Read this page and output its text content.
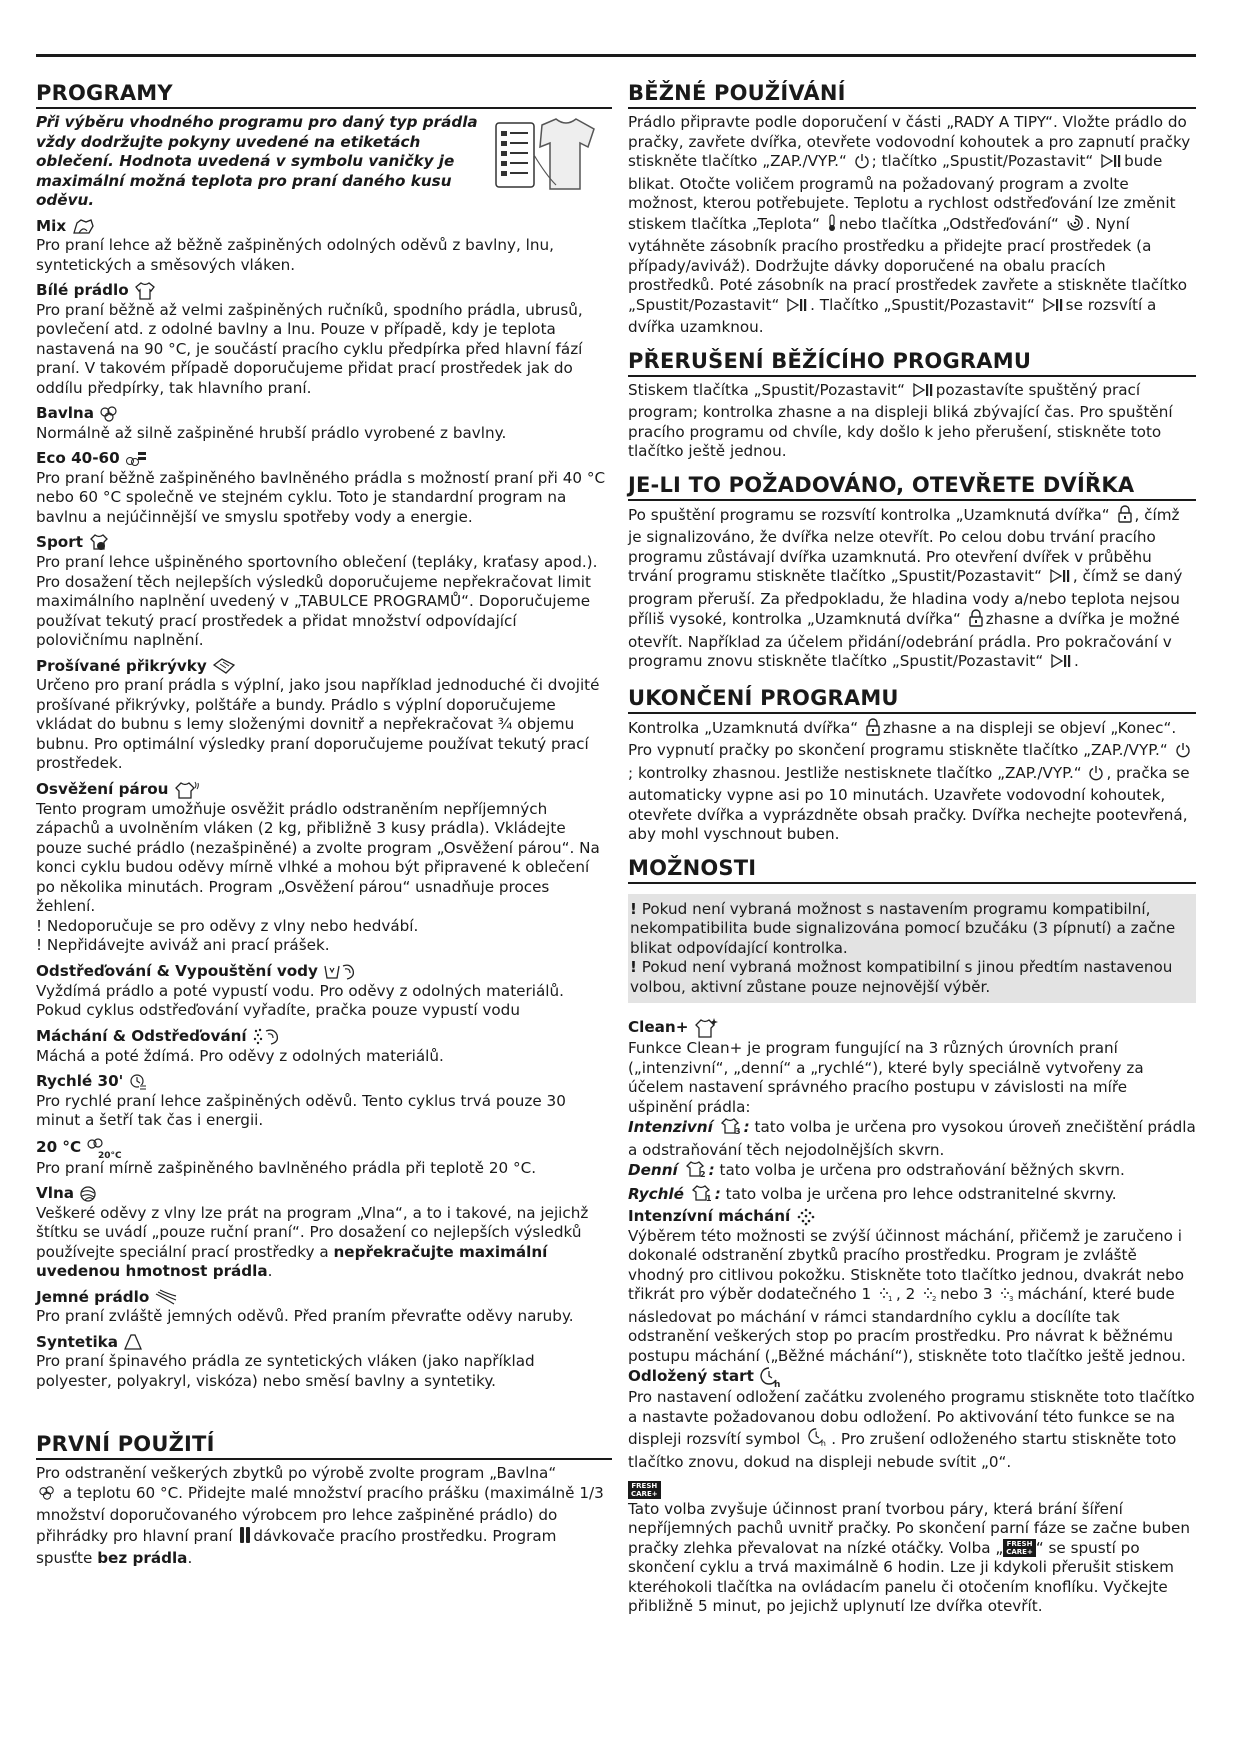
PROGRAMY
Při výběru vhodného programu pro daný typ prádla vždy dodržujte pokyny uvedené na etiketách oblečení. Hodnota uvedená v symbolu vaničky je maximální možná teplota pro praní daného kusu oděvu.
Mix

Pro praní lehce až běžně zašpiněných odolných oděvů z bavlny, lnu, syntetických a směsových vláken.

Bílé prádlo

Pro praní běžně až velmi zašpiněných ručníků, spodního prádla, ubrusů, povlečení atd. z odolné bavlny a lnu. Pouze v případě, kdy je teplota nastavená na 90 °C, je součástí pracího cyklu předpírka před hlavní fází praní. V takovém případě doporučujeme přidat prací prostředek jak do oddílu předpírky, tak hlavního praní.

Bavlna

Normálně až silně zašpiněné hrubší prádlo vyrobené z bavlny.

Eco 40-60

Pro praní běžně zašpiněného bavlněného prádla s možností praní při 40 °C nebo 60 °C společně ve stejném cyklu. Toto je standardní program na bavlnu a nejúčinnější ve smyslu spotřeby vody a energie.

Sport

Pro praní lehce ušpiněného sportovního oblečení (tepláky, kraťasy apod.). Pro dosažení těch nejlepších výsledků doporučujeme nepřekračovat limit maximálního naplnění uvedený v „TABULCE PROGRAMŮ“. Doporučujeme používat tekutý prací prostředek a přidat množství odpovídající polovičnímu naplnění.

Prošívané přikrývky

Určeno pro praní prádla s výplní, jako jsou například jednoduché či dvojité prošívané přikrývky, polštáře a bundy. Prádlo s výplní doporučujeme vkládat do bubnu s lemy složenými dovnitř a nepřekračovat ¾ objemu bubnu. Pro optimální výsledky praní doporučujeme používat tekutý prací prostředek.

Osvěžení párou

Tento program umožňuje osvěžit prádlo odstraněním nepříjemných zápachů a uvolněním vláken (2 kg, přibližně 3 kusy prádla). Vkládejte pouze suché prádlo (nezašpiněné) a zvolte program „Osvěžení párou“. Na konci cyklu budou oděvy mírně vlhké a mohou být připravené k oblečení po několika minutách. Program „Osvěžení párou“ usnadňuje proces žehlení.

! Nedoporučuje se pro oděvy z vlny nebo hedvábí.

! Nepřidávejte aviváž ani prací prášek.

Odstřeďování & Vypouštění vody

Vyždímá prádlo a poté vypustí vodu. Pro oděvy z odolných materiálů. Pokud cyklus odstřeďování vyřadíte, pračka pouze vypustí vodu

Máchání & Odstřeďování

Máchá a poté ždímá. Pro oděvy z odolných materiálů.

Rychlé 30'

Pro rychlé praní lehce zašpiněných oděvů. Tento cyklus trvá pouze 30 minut a šetří tak čas i energii.

20 °C 20°C

Pro praní mírně zašpiněného bavlněného prádla při teplotě 20 °C.

Vlna

Veškeré oděvy z vlny lze prát na program „Vlna“, a to i takové, na jejichž štítku se uvádí „pouze ruční praní“. Pro dosažení co nejlepších výsledků používejte speciální prací prostředky a nepřekračujte maximální uvedenou hmotnost prádla.

Jemné prádlo

Pro praní zvláště jemných oděvů. Před praním převraťte oděvy naruby.

Syntetika

Pro praní špinavého prádla ze syntetických vláken (jako například polyester, polyakryl, viskóza) nebo směsí bavlny a syntetiky.

PRVNÍ POUŽITÍ

Pro odstranění veškerých zbytků po výrobě zvolte program „Bavlna“
a teplotu 60 °C. Přidejte malé množství pracího prášku (maximálně 1/3 množství doporučovaného výrobcem pro lehce zašpiněné prádlo) do přihrádky pro hlavní praní dávkovače pracího prostředku. Program spusťte bez prádla.

BĚŽNÉ POUŽÍVÁNÍ

Prádlo připravte podle doporučení v části „RADY A TIPY“. Vložte prádlo do pračky, zavřete dvířka, otevřete vodovodní kohoutek a pro zapnutí pračky stiskněte tlačítko „ZAP./VYP.“ ; tlačítko „Spustit/Pozastavit“ bude blikat. Otočte voličem programů na požadovaný program a zvolte možnost, kterou potřebujete. Teplotu a rychlost odstřeďování lze změnit stiskem tlačítka „Teplota“ nebo tlačítka „Odstřeďování“ . Nyní vytáhněte zásobník pracího prostředku a přidejte prací prostředek (a případy/aviváž). Dodržujte dávky doporučené na obalu pracích prostředků. Poté zásobník na prací prostředek zavřete a stiskněte tlačítko „Spustit/Pozastavit“ . Tlačítko „Spustit/Pozastavit“ se rozsvítí a dvířka uzamknou.

PŘERUŠENÍ BĚŽÍCÍHO PROGRAMU

Stiskem tlačítka „Spustit/Pozastavit“ pozastavíte spuštěný prací program; kontrolka zhasne a na displeji bliká zbývající čas. Pro spuštění pracího programu od chvíle, kdy došlo k jeho přerušení, stiskněte toto tlačítko ještě jednou.

JE-LI TO POŽADOVÁNO, OTEVŘETE DVÍŘKA

Po spuštění programu se rozsvítí kontrolka „Uzamknutá dvířka“ , čímž je signalizováno, že dvířka nelze otevřít. Po celou dobu trvání pracího programu zůstávají dvířka uzamknutá. Pro otevření dvířek v průběhu trvání programu stiskněte tlačítko „Spustit/Pozastavit“ , čímž se daný program přeruší. Za předpokladu, že hladina vody a/nebo teplota nejsou příliš vysoké, kontrolka „Uzamknutá dvířka“ zhasne a dvířka je možné otevřít. Například za účelem přidání/odebrání prádla. Pro pokračování v programu znovu stiskněte tlačítko „Spustit/Pozastavit“ .

UKONČENÍ PROGRAMU

Kontrolka „Uzamknutá dvířka“ zhasne a na displeji se objeví „Konec“. Pro vypnutí pračky po skončení programu stiskněte tlačítko „ZAP./VYP.“ ; kontrolky zhasnou. Jestliže nestisknete tlačítko „ZAP./VYP.“ , pračka se automaticky vypne asi po 10 minutách. Uzavřete vodovodní kohoutek, otevřete dvířka a vyprázdněte obsah pračky. Dvířka nechejte pootevřená, aby mohl vyschnout buben.

MOŽNOSTI

! Pokud není vybraná možnost s nastavením programu kompatibilní, nekompatibilita bude signalizována pomocí bzučáku (3 pípnutí) a začne blikat odpovídající kontrolka.

! Pokud není vybraná možnost kompatibilní s jinou předtím nastavenou volbou, aktivní zůstane pouze nejnovější výběr.

Clean+

Funkce Clean+ je program fungující na 3 různých úrovních praní („intenzivní“, „denní“ a „rychlé“), které byly speciálně vytvořeny za účelem nastavení správného pracího postupu v závislosti na míře ušpinění prádla:

Intenzivní	3 : tato volba je určena pro vysokou úroveň znečištění prádla a odstraňování těch nejodolnějších skvrn.

Denní	2 : tato volba je určena pro odstraňování běžných skvrn.

Rychlé	1 : tato volba je určena pro lehce odstranitelné skvrny.

Intenzívní máchání

Výběrem této možnosti se zvýší účinnost máchání, přičemž je zaručeno i dokonalé odstranění zbytků pracího prostředku. Program je zvláště vhodný pro citlivou pokožku. Stiskněte toto tlačítko jednou, dvakrát nebo třikrát pro výběr dodatečného 1 1 , 2 2 nebo 3 3 máchání, které bude následovat po máchání v rámci standardního cyklu a docílíte tak odstranění veškerých stop po pracím prostředku. Pro návrat k běžnému postupu máchání („Běžné máchání“), stiskněte toto tlačítko ještě jednou.

Odložený start h

Pro nastavení odložení začátku zvoleného programu stiskněte toto tlačítko a nastavte požadovanou dobu odložení. Po aktivování této funkce se na displeji rozsvítí symbol h . Pro zrušení odloženého startu stiskněte toto tlačítko znovu, dokud na displeji nebude svítit „0“.

FRESH
CARE+

Tato volba zvyšuje účinnost praní tvorbou páry, která brání šíření nepříjemných pachů uvnitř pračky. Po skončení parní fáze se začne buben pračky zlehka převalovat na nízké otáčky. Volba „ FRESH
CARE+ “ se spustí po skončení cyklu a trvá maximálně 6 hodin. Lze ji kdykoli přerušit stiskem kteréhokoli tlačítka na ovládacím panelu či otočením knoflíku. Vyčkejte přibližně 5 minut, po jejichž uplynutí lze dvířka otevřít.
